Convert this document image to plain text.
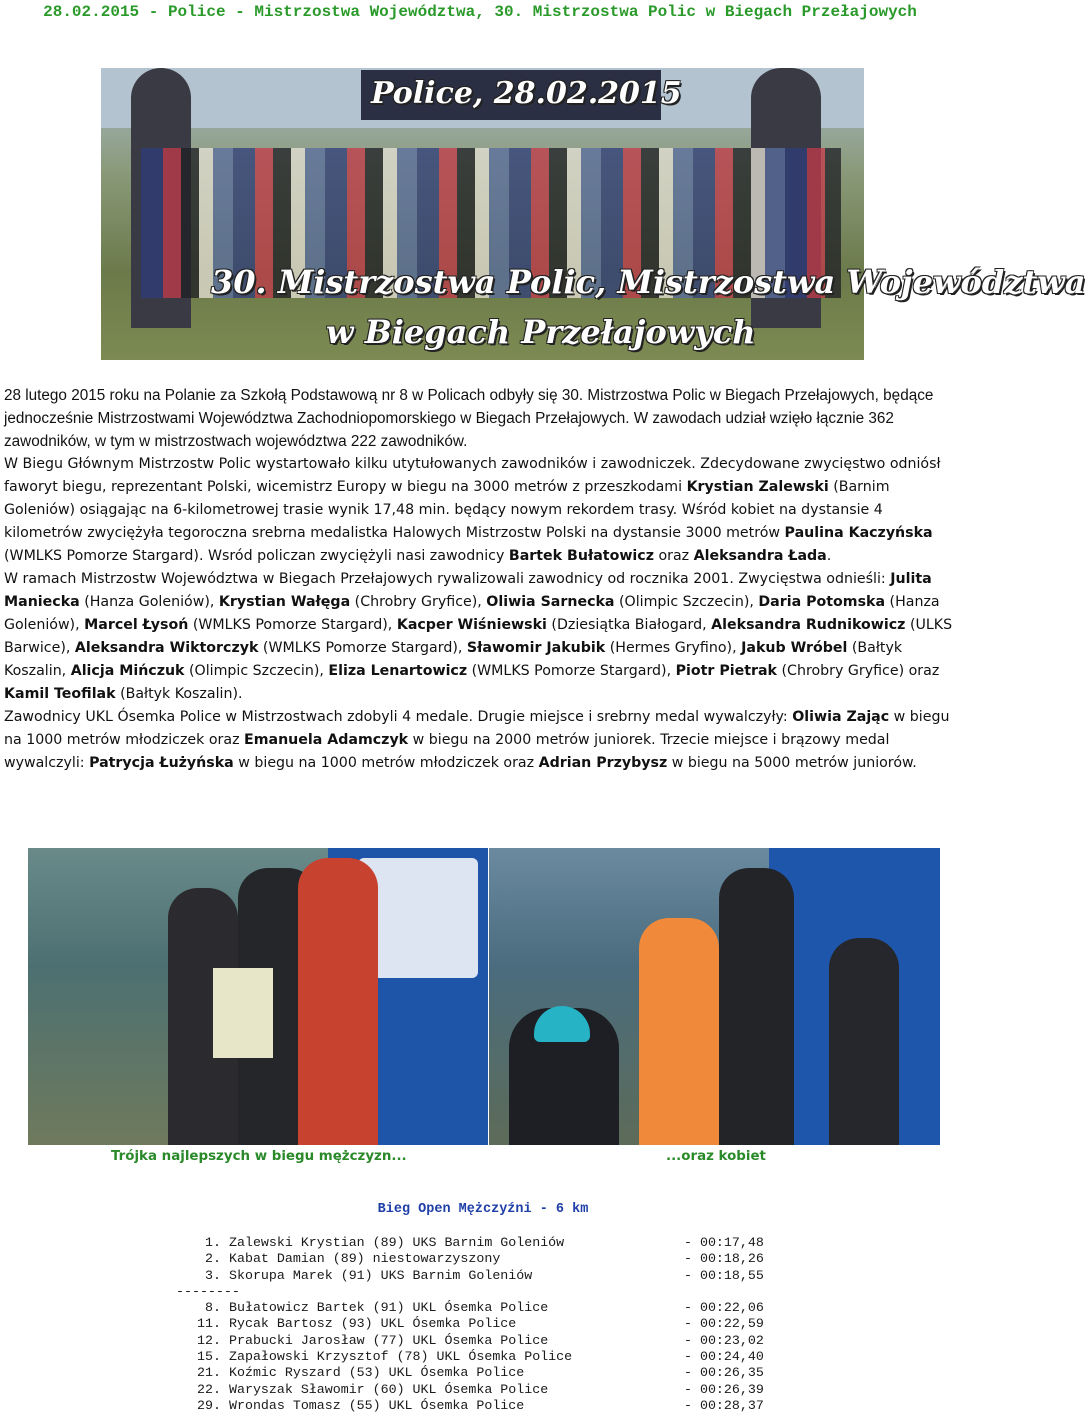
28.02.2015 - Police - Mistrzostwa Województwa, 30. Mistrzostwa Polic w Biegach Przełajowych
Police, 28.02.2015
30. Mistrzostwa Polic, Mistrzostwa Województwa
w Biegach Przełajowych

28 lutego 2015 roku na Polanie za Szkołą Podstawową nr 8 w Policach odbyły się 30. Mistrzostwa Polic w Biegach Przełajowych, będące jednocześnie Mistrzostwami Województwa Zachodniopomorskiego w Biegach Przełajowych. W zawodach udział wzięło łącznie 362 zawodników, w tym w mistrzostwach województwa 222 zawodników.

W Biegu Głównym Mistrzostw Polic wystartowało kilku utytułowanych zawodników i zawodniczek. Zdecydowane zwycięstwo odniósł faworyt biegu, reprezentant Polski, wicemistrz Europy w biegu na 3000 metrów z przeszkodami Krystian Zalewski (Barnim Goleniów) osiągając na 6-kilometrowej trasie wynik 17,48 min. będący nowym rekordem trasy. Wśród kobiet na dystansie 4 kilometrów zwyciężyła tegoroczna srebrna medalistka Halowych Mistrzostw Polski na dystansie 3000 metrów Paulina Kaczyńska (WMLKS Pomorze Stargard). Wsród policzan zwyciężyli nasi zawodnicy Bartek Bułatowicz oraz Aleksandra Łada.

W ramach Mistrzostw Województwa w Biegach Przełajowych rywalizowali zawodnicy od rocznika 2001. Zwycięstwa odnieśli: Julita Maniecka (Hanza Goleniów), Krystian Wałęga (Chrobry Gryfice), Oliwia Sarnecka (Olimpic Szczecin), Daria Potomska (Hanza Goleniów), Marcel Łysoń (WMLKS Pomorze Stargard), Kacper Wiśniewski (Dziesiątka Białogard, Aleksandra Rudnikowicz (ULKS Barwice), Aleksandra Wiktorczyk (WMLKS Pomorze Stargard), Sławomir Jakubik (Hermes Gryfino), Jakub Wróbel (Bałtyk Koszalin, Alicja Mińczuk (Olimpic Szczecin), Eliza Lenartowicz (WMLKS Pomorze Stargard), Piotr Pietrak (Chrobry Gryfice) oraz Kamil Teofilak (Bałtyk Koszalin).

Zawodnicy UKL Ósemka Police w Mistrzostwach zdobyli 4 medale. Drugie miejsce i srebrny medal wywalczyły: Oliwia Zając w biegu na 1000 metrów młodziczek oraz Emanuela Adamczyk w biegu na 2000 metrów juniorek. Trzecie miejsce i brązowy medal wywalczyli: Patrycja Łużyńska w biegu na 1000 metrów młodziczek oraz Adrian Przybysz w biegu na 5000 metrów juniorów.

Trójka najlepszych w biegu mężczyzn...	...oraz kobiet
Bieg Open Mężczyźni - 6 km
1. Zalewski Krystian (89) UKS Barnim Goleniów	- 00:17,48
2. Kabat Damian (89) niestowarzyszony	- 00:18,26
3. Skorupa Marek (91) UKS Barnim Goleniów	- 00:18,55
--------
8. Bułatowicz Bartek (91) UKL Ósemka Police	- 00:22,06
11. Rycak Bartosz (93) UKL Ósemka Police	- 00:22,59
12. Prabucki Jarosław (77) UKL Ósemka Police	- 00:23,02
15. Zapałowski Krzysztof (78) UKL Ósemka Police	- 00:24,40
21. Koźmic Ryszard (53) UKL Ósemka Police	- 00:26,35
22. Waryszak Sławomir (60) UKL Ósemka Police	- 00:26,39
29. Wrondas Tomasz (55) UKL Ósemka Police	- 00:28,37
